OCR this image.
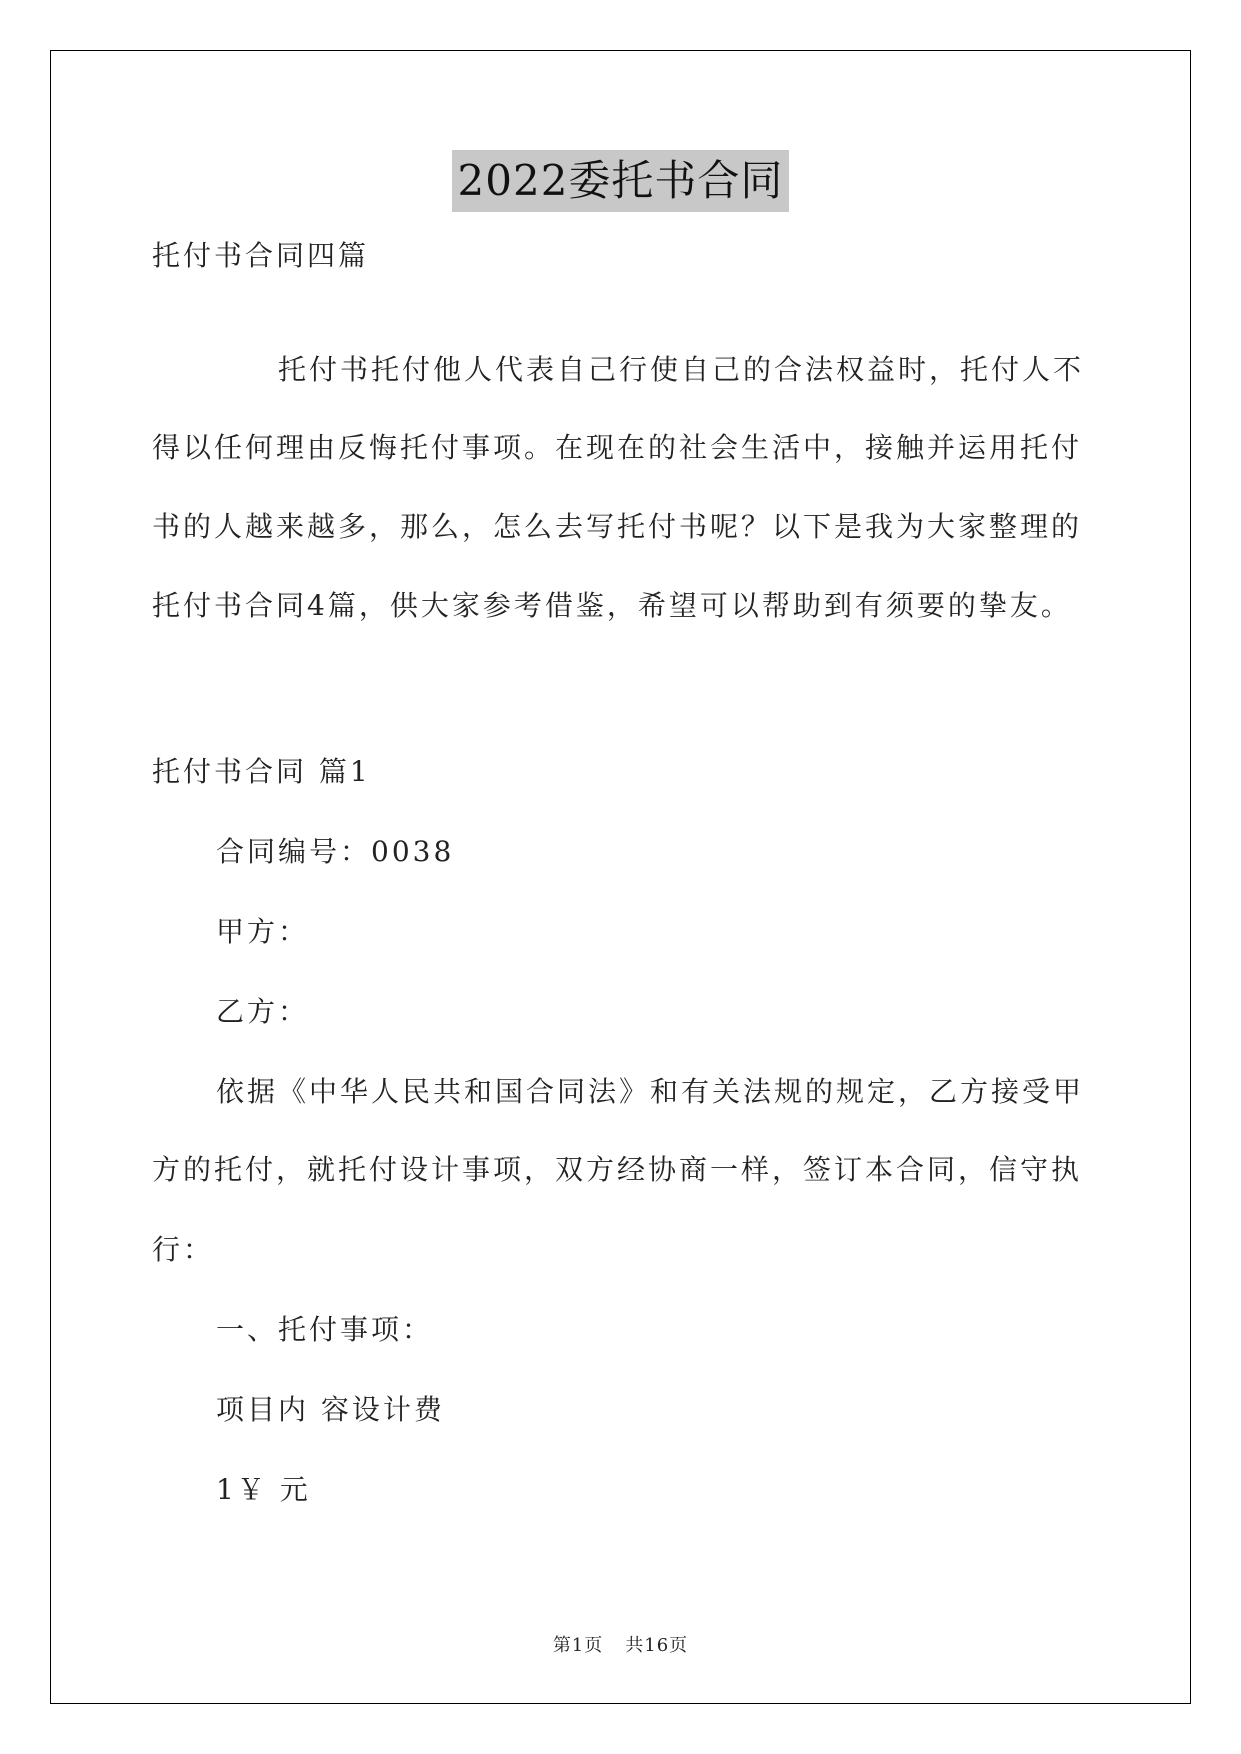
2022委托书合同
托付书合同四篇
托付书托付他人代表自己行使自己的合法权益时，托付人不
得以任何理由反悔托付事项。在现在的社会生活中，接触并运用托付
书的人越来越多，那么，怎么去写托付书呢？以下是我为大家整理的
托付书合同4篇，供大家参考借鉴，希望可以帮助到有须要的挚友。
托付书合同 篇1
合同编号：0038
甲方：
乙方：
依据《中华人民共和国合同法》和有关法规的规定，乙方接受甲
方的托付，就托付设计事项，双方经协商一样，签订本合同，信守执
行：
一、托付事项：
项目内 容设计费
1￥ 元
第1页 共16页
